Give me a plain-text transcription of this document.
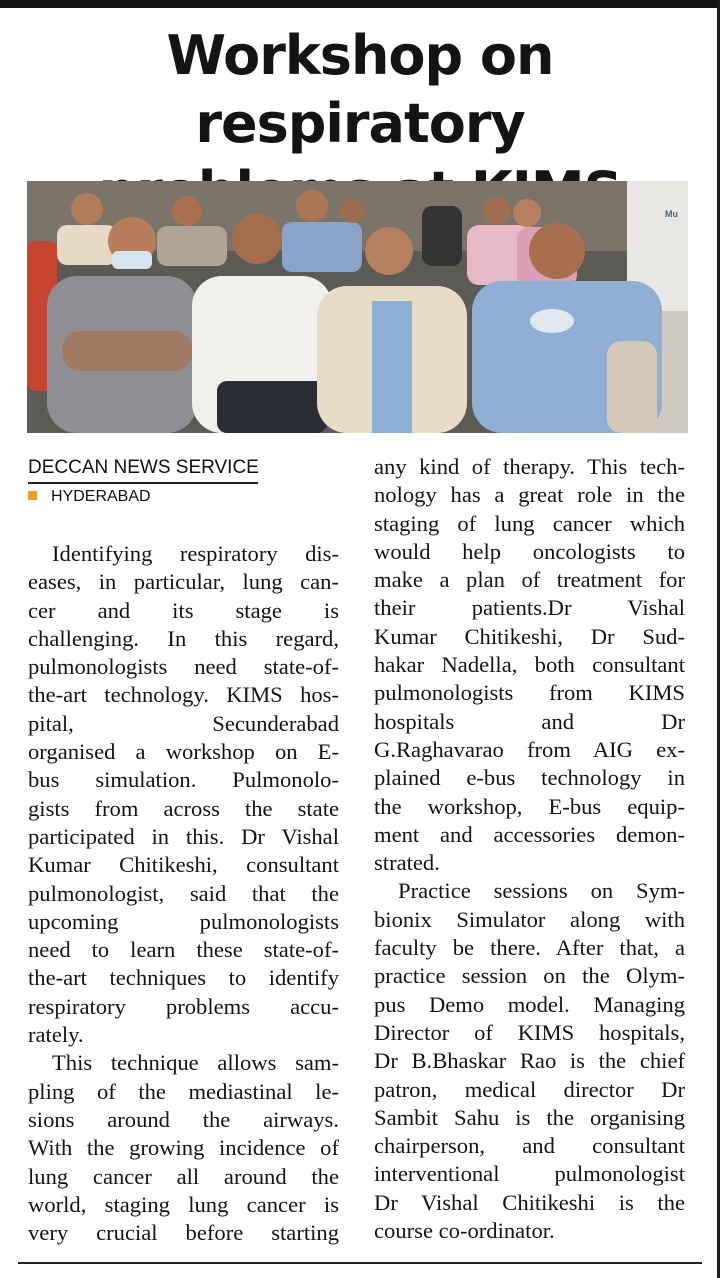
Workshop on respiratory
Mu
DECCAN NEWS SERVICE
HYDERABAD
Identifying respiratory dis-
eases, in particular, lung can-
cer and its stage is
challenging. In this regard,
pulmonologists need state-of-
the-art technology. KIMS hos-
pital, Secunderabad
organised a workshop on E-
bus simulation. Pulmonolo-
gists from across the state
participated in this. Dr Vishal
Kumar Chitikeshi, consultant
pulmonologist, said that the
upcoming pulmonologists
need to learn these state-of-
the-art techniques to identify
respiratory problems accu-
rately.
This technique allows sam-
pling of the mediastinal le-
sions around the airways.
With the growing incidence of
lung cancer all around the
world, staging lung cancer is
very crucial before starting
any kind of therapy. This tech-
nology has a great role in the
staging of lung cancer which
would help oncologists to
make a plan of treatment for
their patients.Dr Vishal
Kumar Chitikeshi, Dr Sud-
hakar Nadella, both consultant
pulmonologists from KIMS
hospitals and Dr
G.Raghavarao from AIG ex-
plained e-bus technology in
the workshop, E-bus equip-
ment and accessories demon-
strated.
Practice sessions on Sym-
bionix Simulator along with
faculty be there. After that, a
practice session on the Olym-
pus Demo model. Managing
Director of KIMS hospitals,
Dr B.Bhaskar Rao is the chief
patron, medical director Dr
Sambit Sahu is the organising
chairperson, and consultant
interventional pulmonologist
Dr Vishal Chitikeshi is the
course co-ordinator.
